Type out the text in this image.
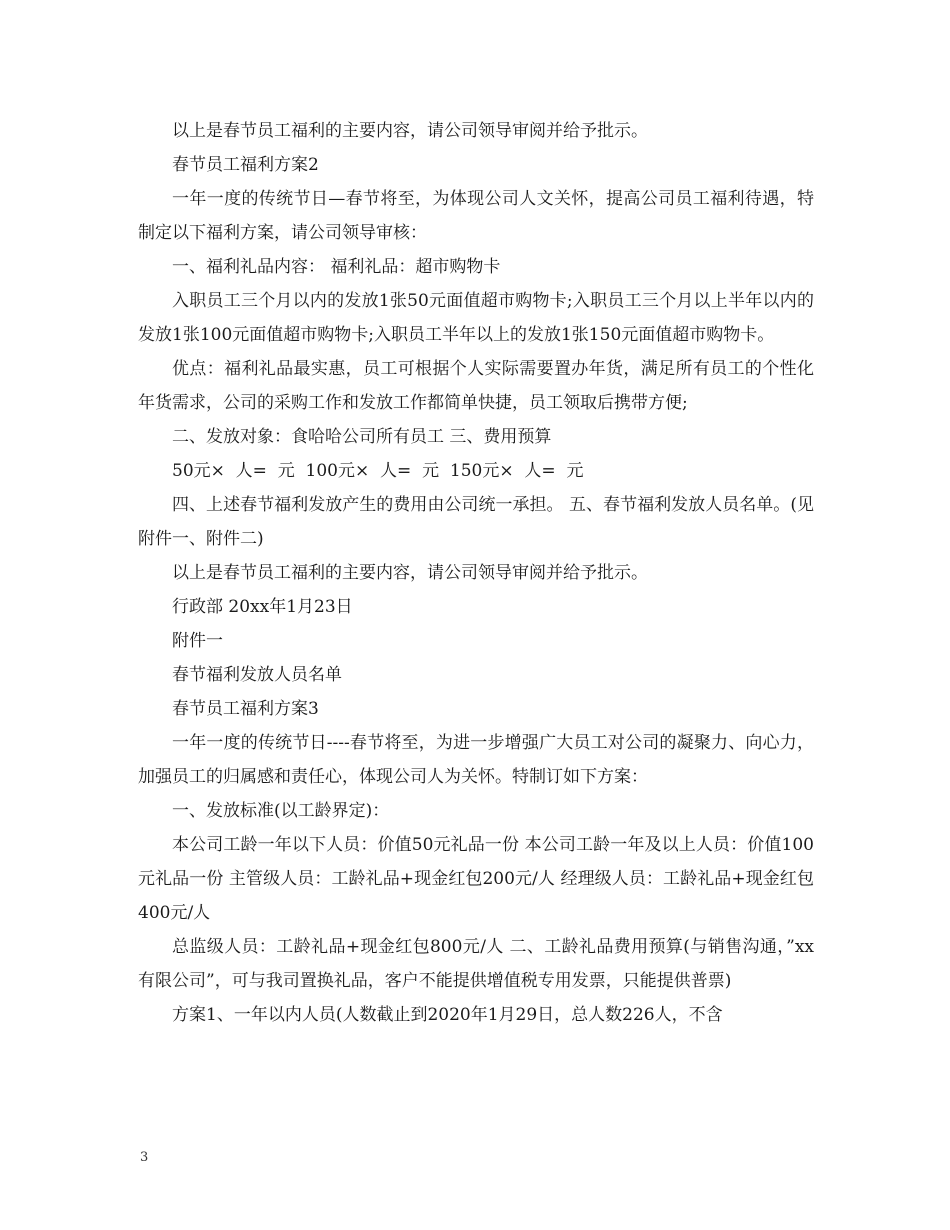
以上是春节员工福利的主要内容，请公司领导审阅并给予批示。

春节员工福利方案2

一年一度的传统节日—春节将至，为体现公司人文关怀，提高公司员工福利待遇，特制定以下福利方案，请公司领导审核：

一、福利礼品内容： 福利礼品：超市购物卡

入职员工三个月以内的发放1张50元面值超市购物卡;入职员工三个月以上半年以内的发放1张100元面值超市购物卡;入职员工半年以上的发放1张150元面值超市购物卡。

优点：福利礼品最实惠，员工可根据个人实际需要置办年货，满足所有员工的个性化年货需求，公司的采购工作和发放工作都简单快捷，员工领取后携带方便;

二、发放对象：食哈哈公司所有员工 三、费用预算

50元×  人=  元  100元×  人=  元  150元×  人=  元

四、上述春节福利发放产生的费用由公司统一承担。 五、春节福利发放人员名单。(见附件一、附件二)

以上是春节员工福利的主要内容，请公司领导审阅并给予批示。

行政部 20xx年1月23日

附件一

春节福利发放人员名单

春节员工福利方案3

一年一度的传统节日----春节将至，为进一步增强广大员工对公司的凝聚力、向心力，加强员工的归属感和责任心，体现公司人为关怀。特制订如下方案：

一、发放标准(以工龄界定)：

本公司工龄一年以下人员：价值50元礼品一份 本公司工龄一年及以上人员：价值100元礼品一份 主管级人员：工龄礼品+现金红包200元/人 经理级人员：工龄礼品+现金红包400元/人

总监级人员：工龄礼品+现金红包800元/人 二、工龄礼品费用预算(与销售沟通，”xx有限公司”，可与我司置换礼品，客户不能提供增值税专用发票，只能提供普票)

方案1、一年以内人员(人数截止到2020年1月29日，总人数226人，不含

3
